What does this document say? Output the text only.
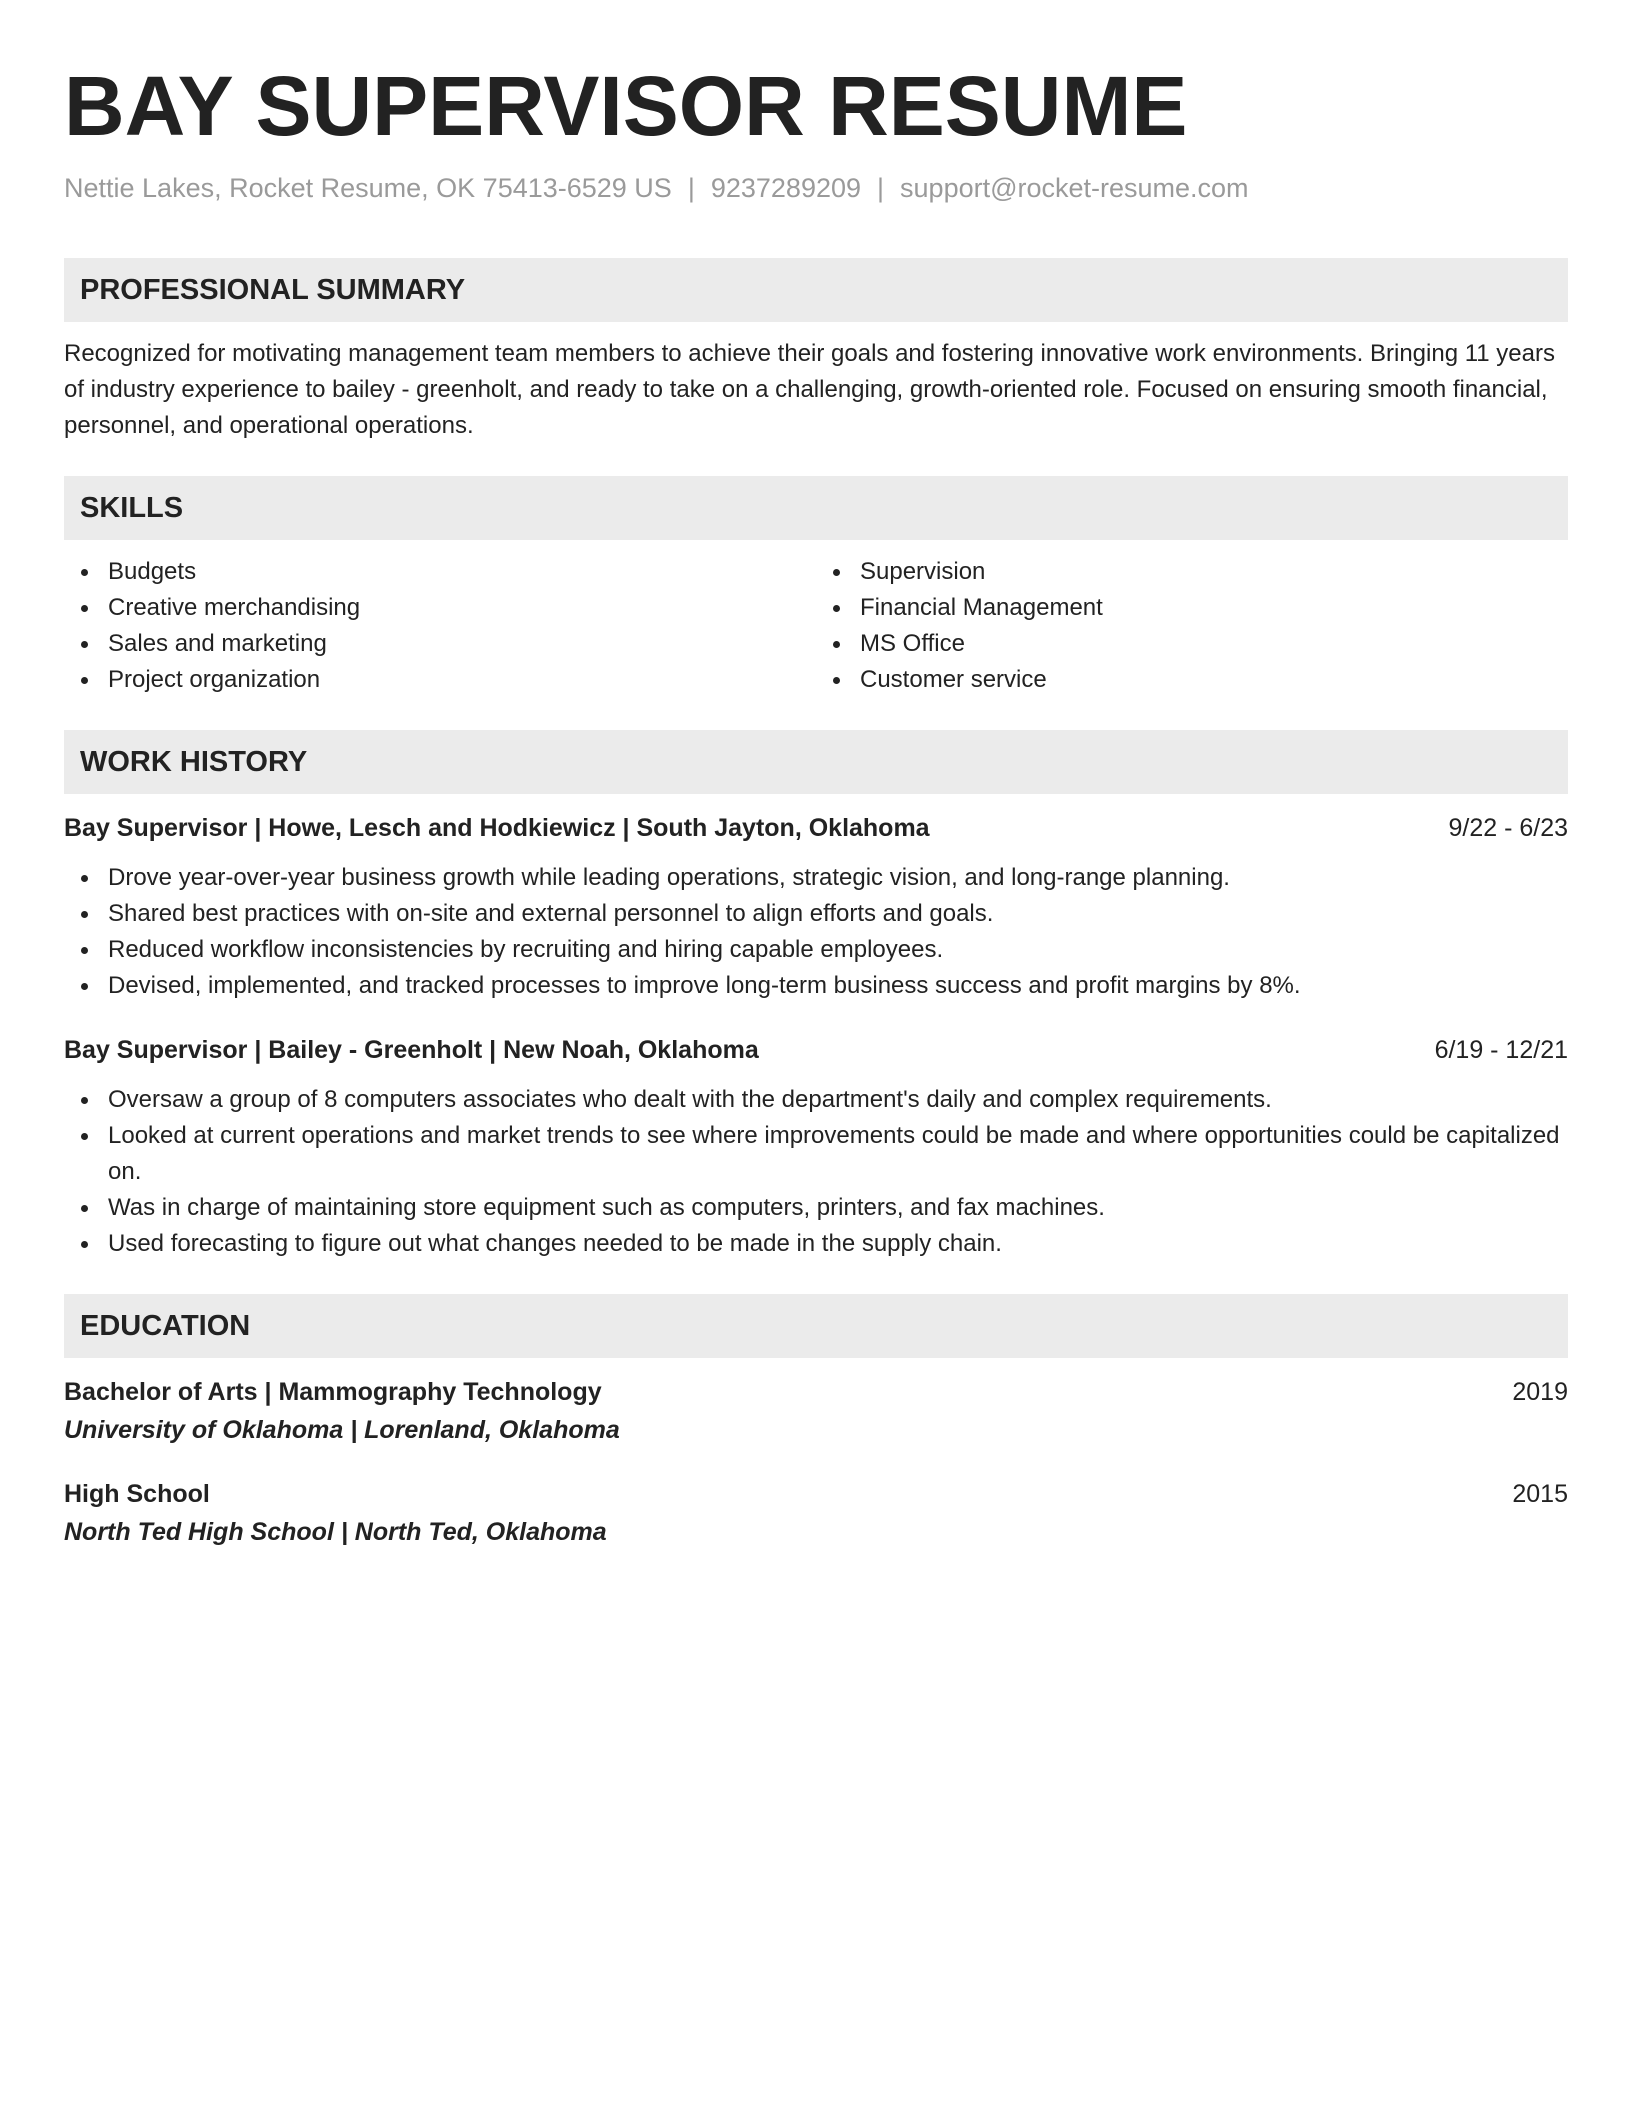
BAY SUPERVISOR RESUME
Nettie Lakes, Rocket Resume, OK 75413-6529 US | 9237289209 | support@rocket-resume.com
PROFESSIONAL SUMMARY
Recognized for motivating management team members to achieve their goals and fostering innovative work environments. Bringing 11 years of industry experience to bailey - greenholt, and ready to take on a challenging, growth-oriented role. Focused on ensuring smooth financial, personnel, and operational operations.
SKILLS
Budgets
Creative merchandising
Sales and marketing
Project organization
Supervision
Financial Management
MS Office
Customer service
WORK HISTORY
Bay Supervisor | Howe, Lesch and Hodkiewicz | South Jayton, Oklahoma	9/22 - 6/23
Drove year-over-year business growth while leading operations, strategic vision, and long-range planning.
Shared best practices with on-site and external personnel to align efforts and goals.
Reduced workflow inconsistencies by recruiting and hiring capable employees.
Devised, implemented, and tracked processes to improve long-term business success and profit margins by 8%.
Bay Supervisor | Bailey - Greenholt | New Noah, Oklahoma	6/19 - 12/21
Oversaw a group of 8 computers associates who dealt with the department's daily and complex requirements.
Looked at current operations and market trends to see where improvements could be made and where opportunities could be capitalized on.
Was in charge of maintaining store equipment such as computers, printers, and fax machines.
Used forecasting to figure out what changes needed to be made in the supply chain.
EDUCATION
Bachelor of Arts | Mammography Technology	2019
University of Oklahoma | Lorenland, Oklahoma
High School	2015
North Ted High School | North Ted, Oklahoma
